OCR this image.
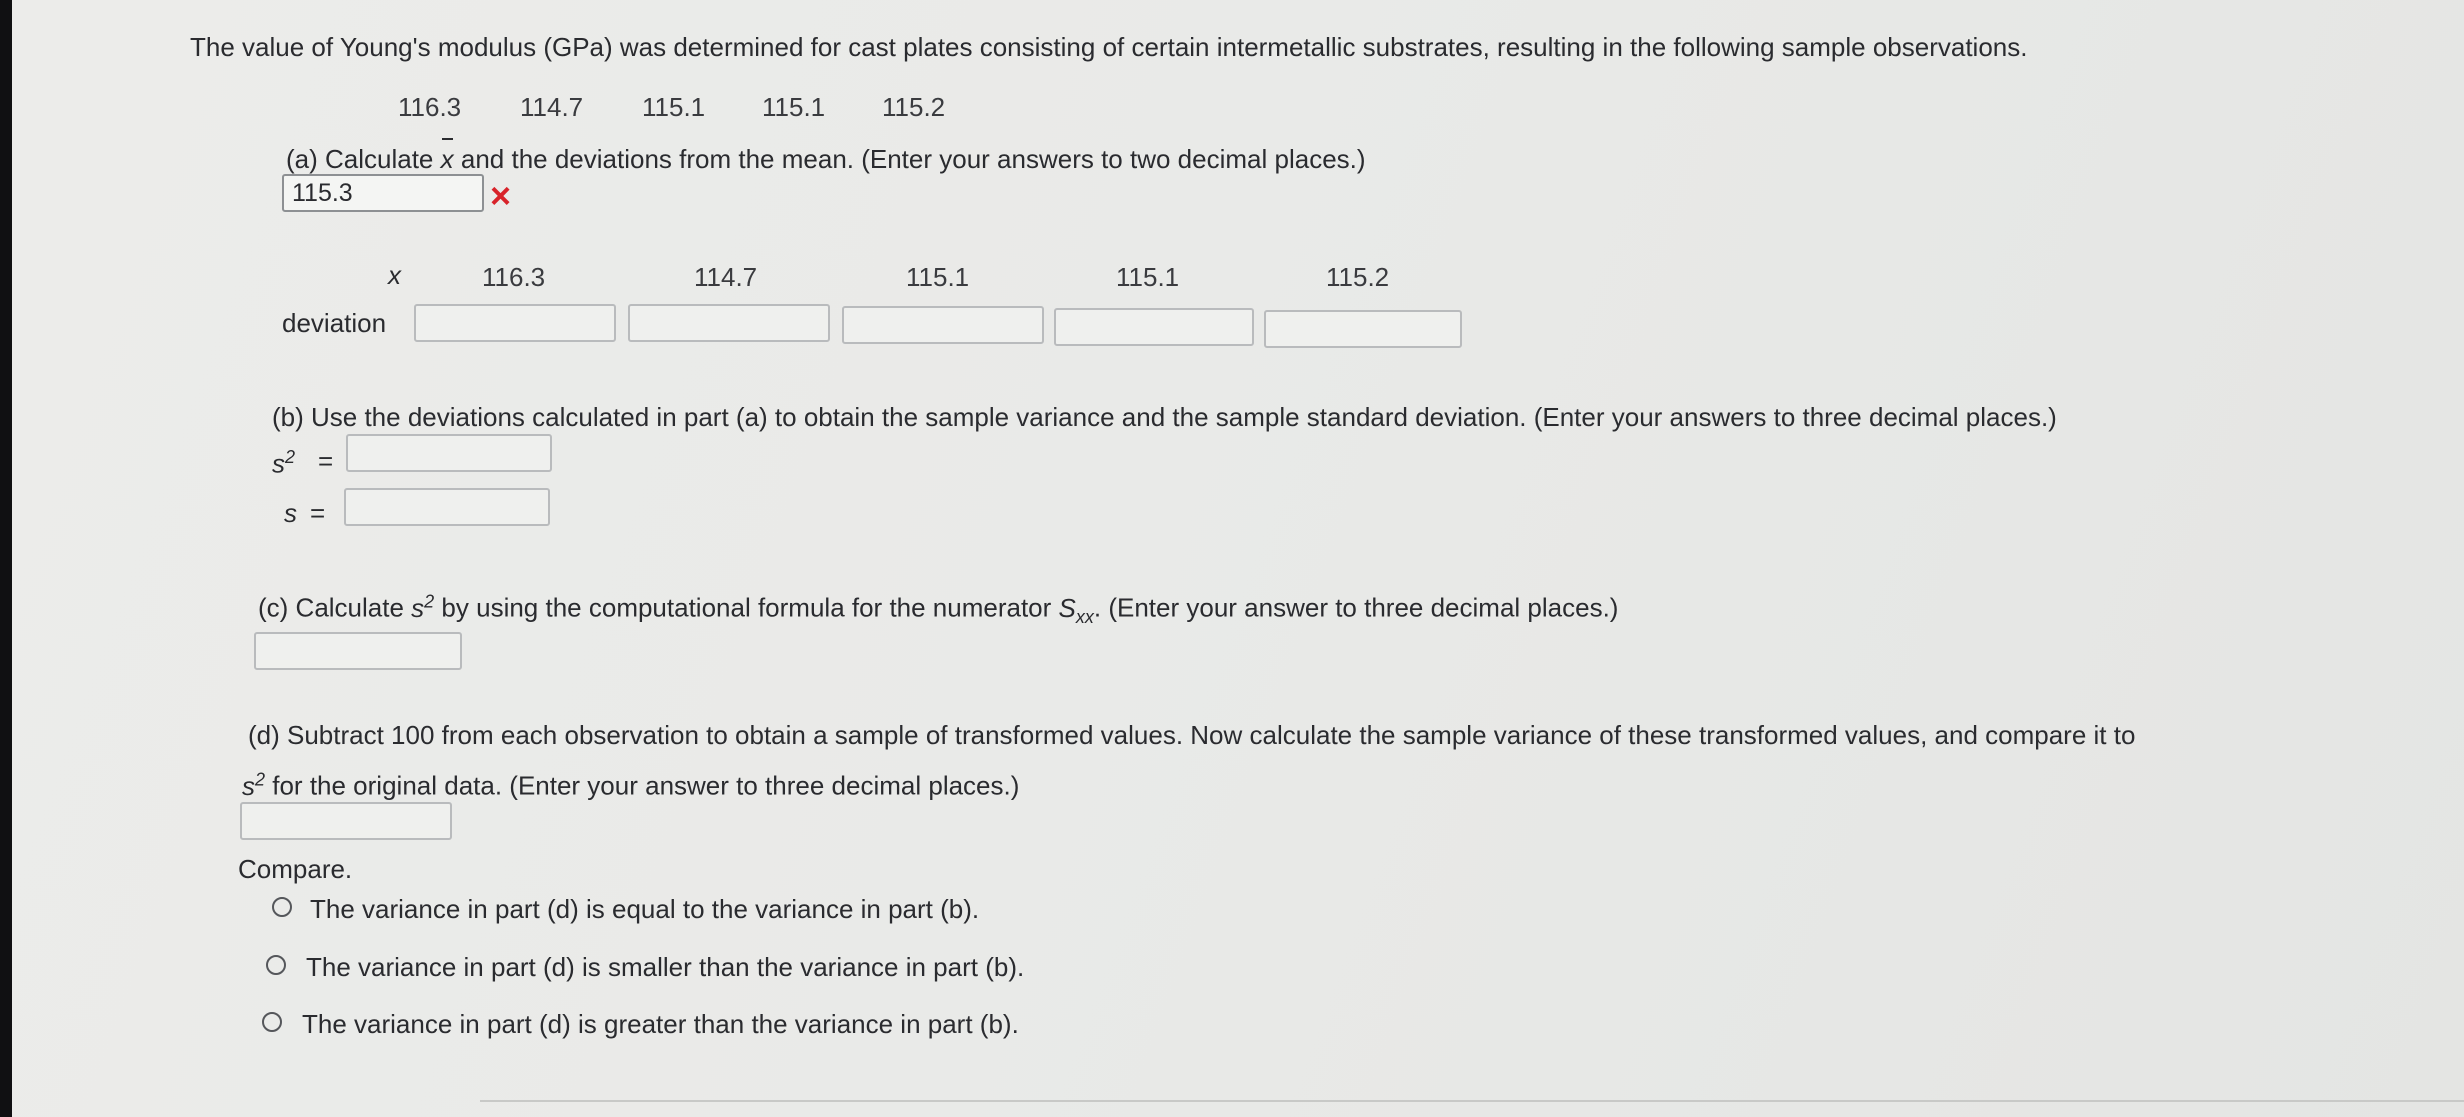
The value of Young's modulus (GPa) was determined for cast plates consisting of certain intermetallic substrates, resulting in the following sample observations.
116.3 114.7 115.1 115.1 115.2
(a) Calculate x and the deviations from the mean. (Enter your answers to two decimal places.)
115.3
×
x	116.3	114.7	115.1	115.1	115.2
deviation
(b) Use the deviations calculated in part (a) to obtain the sample variance and the sample standard deviation. (Enter your answers to three decimal places.)
$s^2$ =
s =
(c) Calculate $s^2$ by using the computational formula for the numerator $S_{xx}$. (Enter your answer to three decimal places.)
(d) Subtract 100 from each observation to obtain a sample of transformed values. Now calculate the sample variance of these transformed values, and compare it to
$s^2$ for the original data. (Enter your answer to three decimal places.)
Compare.
The variance in part (d) is equal to the variance in part (b).
The variance in part (d) is smaller than the variance in part (b).
The variance in part (d) is greater than the variance in part (b).
